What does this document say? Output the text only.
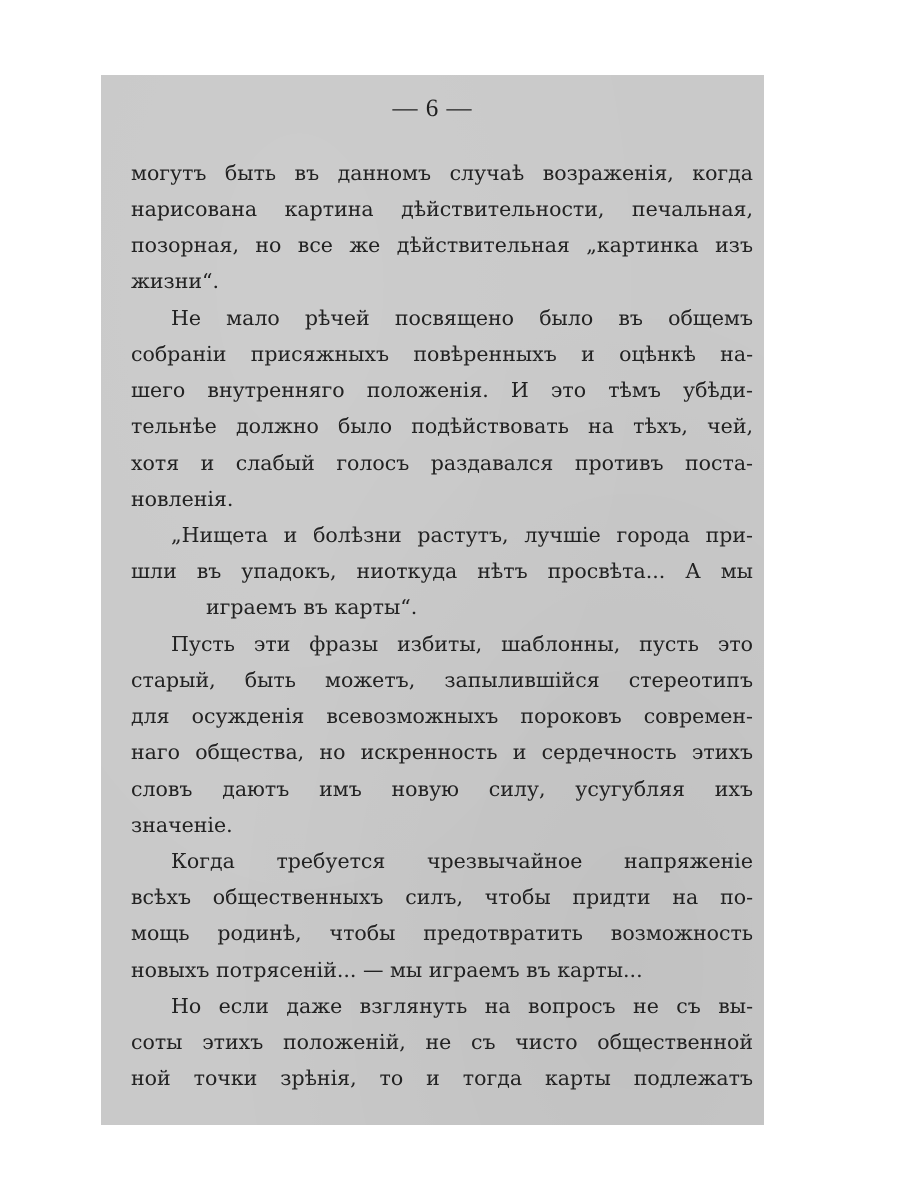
— 6 —
могутъ быть въ данномъ случаѣ возраженія, когда
нарисована картина дѣйствительности, печальная,
позорная, но все же дѣйствительная „картинка изъ
жизни“.
Не мало рѣчей посвящено было въ общемъ
собраніи присяжныхъ повѣренныхъ и оцѣнкѣ на-
шего внутренняго положенія. И это тѣмъ убѣди-
тельнѣе должно было подѣйствовать на тѣхъ, чей,
хотя и слабый голосъ раздавался противъ поста-
новленія.
„Нищета и болѣзни растутъ, лучшіе города при-
шли въ упадокъ, ниоткуда нѣтъ просвѣта... А мы
играемъ въ карты“.
Пусть эти фразы избиты, шаблонны, пусть это
старый, быть можетъ, запылившійся стереотипъ
для осужденія всевозможныхъ пороковъ современ-
наго общества, но искренность и сердечность этихъ
словъ даютъ имъ новую силу, усугубляя ихъ
значеніе.
Когда требуется чрезвычайное напряженіе
всѣхъ общественныхъ силъ, чтобы придти на по-
мощь родинѣ, чтобы предотвратить возможность
новыхъ потрясеній... — мы играемъ въ карты...
Но если даже взглянуть на вопросъ не съ вы-
соты этихъ положеній, не съ чисто общественной
ной точки зрѣнія, то и тогда карты подлежатъ
